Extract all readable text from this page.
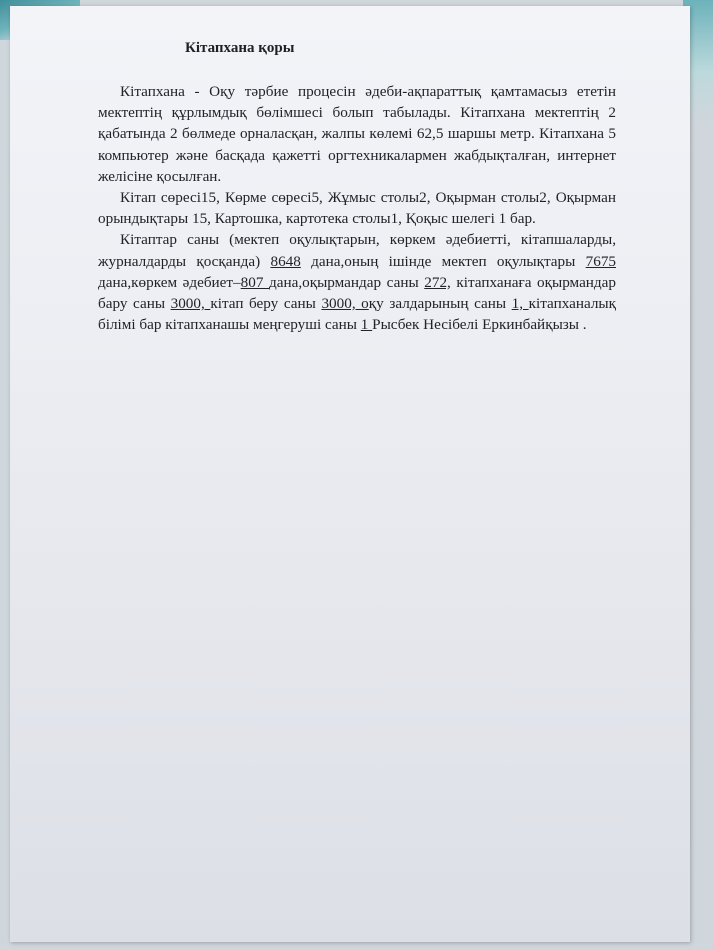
Кітапхана қоры

Кітапхана - Оқу тәрбие процесін әдеби-ақпараттық қамтамасыз ететін мектептің құрлымдық бөлімшесі болып табылады. Кітапхана мектептің 2 қабатында 2 бөлмеде орналасқан, жалпы көлемі 62,5 шаршы метр. Кітапхана 5 компьютер және басқада қажетті оргтехникалармен жабдықталған, интернет желісіне қосылған.

Кітап сөресі15, Көрме сөресі5, Жұмыс столы2, Оқырман столы2, Оқырман орындықтары 15, Картошка, картотека столы1, Қоқыс шелегі 1 бар.

Кітаптар саны (мектеп оқулықтарын, көркем әдебиетті, кітапшаларды, журналдарды қосқанда) 8648 дана,оның ішінде мектеп оқулықтары 7675 дана,көркем әдебиет–807 дана,оқырмандар саны 272, кітапханаға оқырмандар бару саны 3000, кітап беру саны 3000, оқу залдарының саны 1, кітапханалық білімі бар кітапханашы меңгеруші саны 1 Рысбек Несібелі Еркинбайқызы .
